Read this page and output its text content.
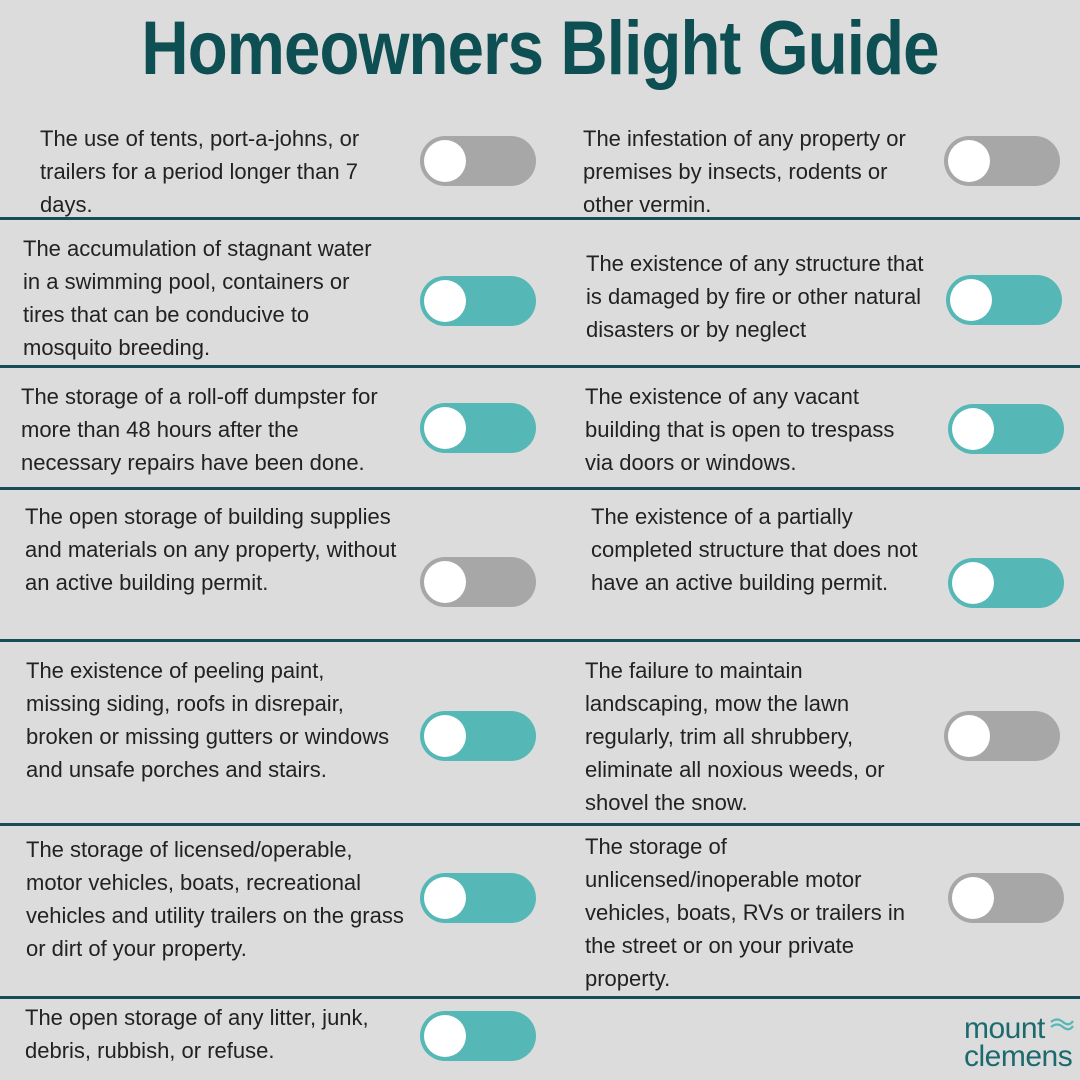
Homeowners Blight Guide
The use of tents, port-a-johns, or trailers for a period longer than 7 days.
The infestation of any property or premises by insects, rodents or other vermin.
The accumulation of stagnant water in a swimming pool, containers or tires that can be conducive to mosquito breeding.
The existence of any structure that is damaged by fire or other natural disasters or by neglect
The storage of a roll-off dumpster for more than 48 hours after the necessary repairs have been done.
The existence of any vacant building that is open to trespass via doors or windows.
The open storage of building supplies and materials on any property, without an active building permit.
The existence of a partially completed structure that does not have an active building permit.
The existence of peeling paint, missing siding, roofs in disrepair, broken or missing gutters or windows and unsafe porches and stairs.
The failure to maintain landscaping, mow the lawn regularly, trim all shrubbery, eliminate all noxious weeds, or shovel the snow.
The storage of licensed/operable, motor vehicles, boats, recreational vehicles and utility trailers on the grass or dirt of your property.
The storage of unlicensed/inoperable motor vehicles, boats, RVs or trailers in the street or on your private property.
The open storage of any litter, junk, debris, rubbish, or refuse.
mount
clemens
